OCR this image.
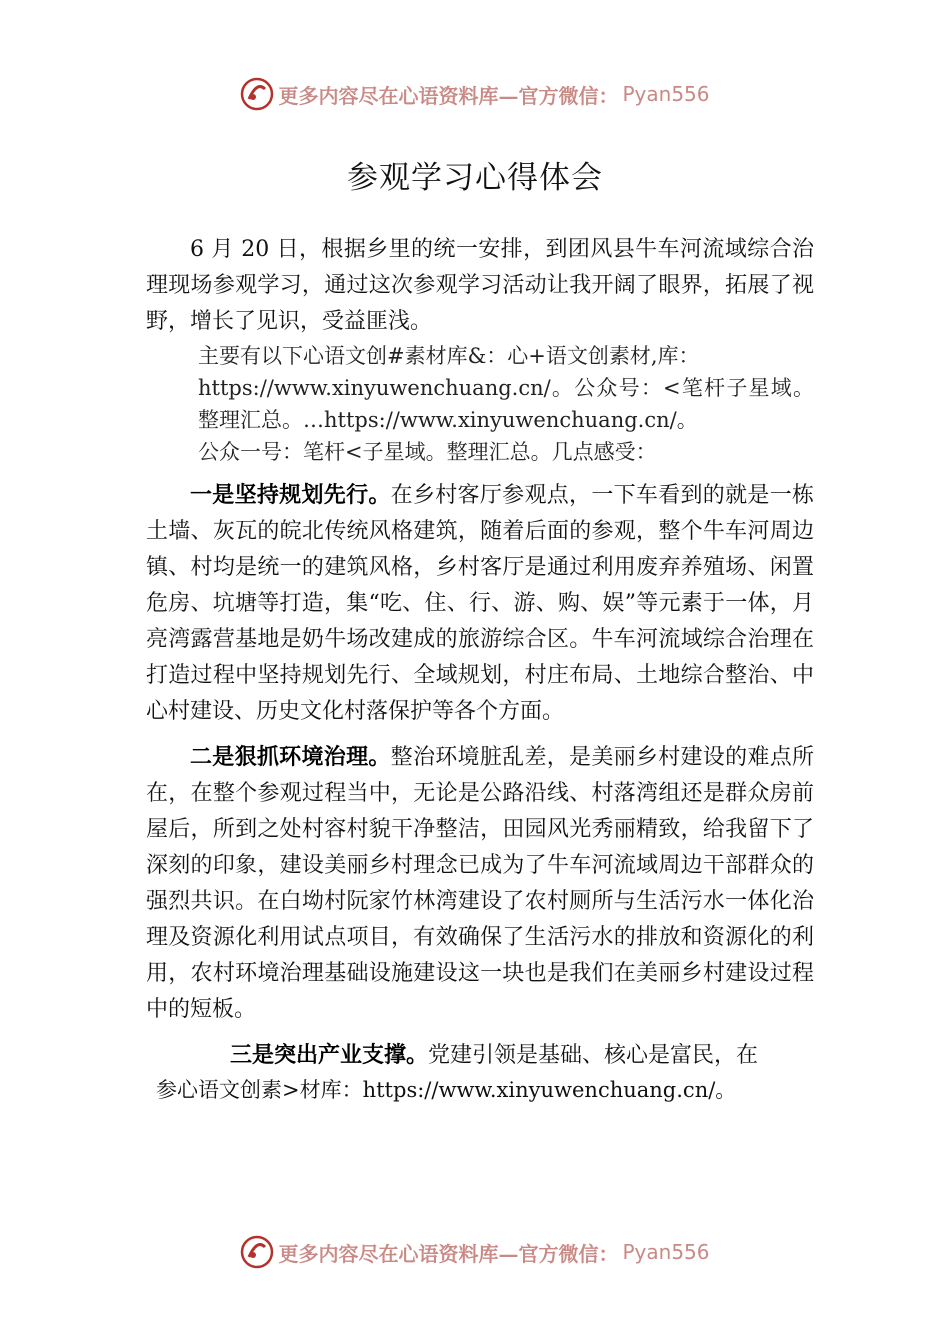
更多内容尽在心语资料库—官方微信： Pyan556
参观学习心得体会

6 月 20 日，根据乡里的统一安排，到团风县牛车河流域综合治理现场参观学习，通过这次参观学习活动让我开阔了眼界，拓展了视野，增长了见识，受益匪浅。

主要有以下心语文创#素材库&：心+语文创素材,库：

https://www.xinyuwenchuang.cn/。公众号：<笔杆子星域。整理汇总。…https://www.xinyuwenchuang.cn/。

公众一号：笔杆<子星域。整理汇总。几点感受：

一是坚持规划先行。在乡村客厅参观点，一下车看到的就是一栋土墙、灰瓦的皖北传统风格建筑，随着后面的参观，整个牛车河周边镇、村均是统一的建筑风格，乡村客厅是通过利用废弃养殖场、闲置危房、坑塘等打造，集“吃、住、行、游、购、娱”等元素于一体，月亮湾露营基地是奶牛场改建成的旅游综合区。牛车河流域综合治理在打造过程中坚持规划先行、全域规划，村庄布局、土地综合整治、中心村建设、历史文化村落保护等各个方面。

二是狠抓环境治理。整治环境脏乱差，是美丽乡村建设的难点所在，在整个参观过程当中，无论是公路沿线、村落湾组还是群众房前屋后，所到之处村容村貌干净整洁，田园风光秀丽精致，给我留下了深刻的印象，建设美丽乡村理念已成为了牛车河流域周边干部群众的强烈共识。在白坳村阮家竹林湾建设了农村厕所与生活污水一体化治理及资源化利用试点项目，有效确保了生活污水的排放和资源化的利用，农村环境治理基础设施建设这一块也是我们在美丽乡村建设过程中的短板。

三是突出产业支撑。党建引领是基础、核心是富民，在

参心语文创素>材库：https://www.xinyuwenchuang.cn/。

更多内容尽在心语资料库—官方微信： Pyan556
